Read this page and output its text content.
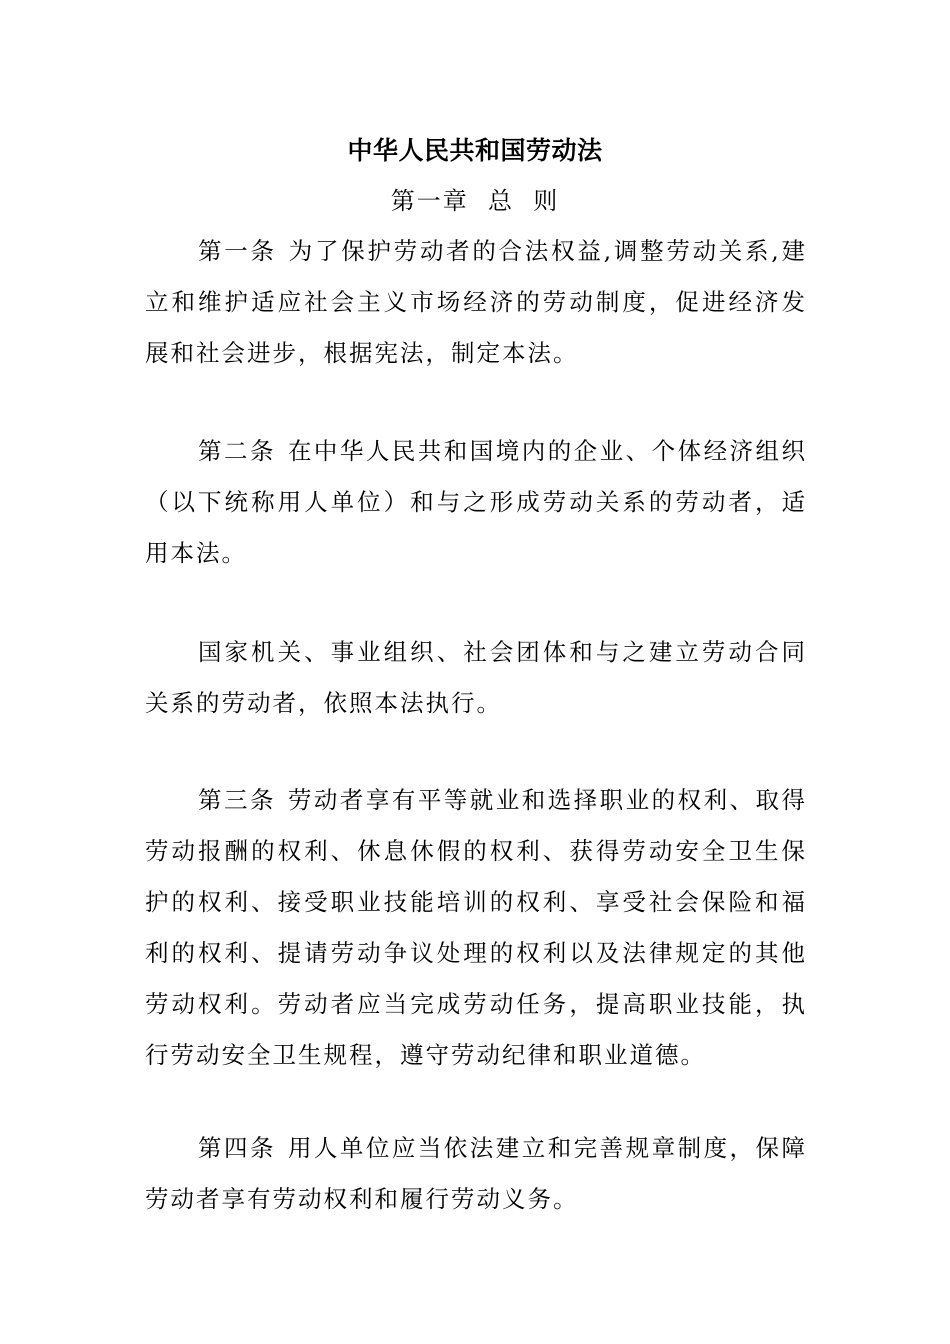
中华人民共和国劳动法
第一章  总  则

第一条 为了保护劳动者的合法权益,调整劳动关系,建立和维护适应社会主义市场经济的劳动制度，促进经济发展和社会进步，根据宪法，制定本法。

第二条 在中华人民共和国境内的企业、个体经济组织（以下统称用人单位）和与之形成劳动关系的劳动者，适用本法。

国家机关、事业组织、社会团体和与之建立劳动合同关系的劳动者，依照本法执行。

第三条 劳动者享有平等就业和选择职业的权利、取得劳动报酬的权利、休息休假的权利、获得劳动安全卫生保护的权利、接受职业技能培训的权利、享受社会保险和福利的权利、提请劳动争议处理的权利以及法律规定的其他劳动权利。劳动者应当完成劳动任务，提高职业技能，执行劳动安全卫生规程，遵守劳动纪律和职业道德。

第四条 用人单位应当依法建立和完善规章制度，保障劳动者享有劳动权利和履行劳动义务。
